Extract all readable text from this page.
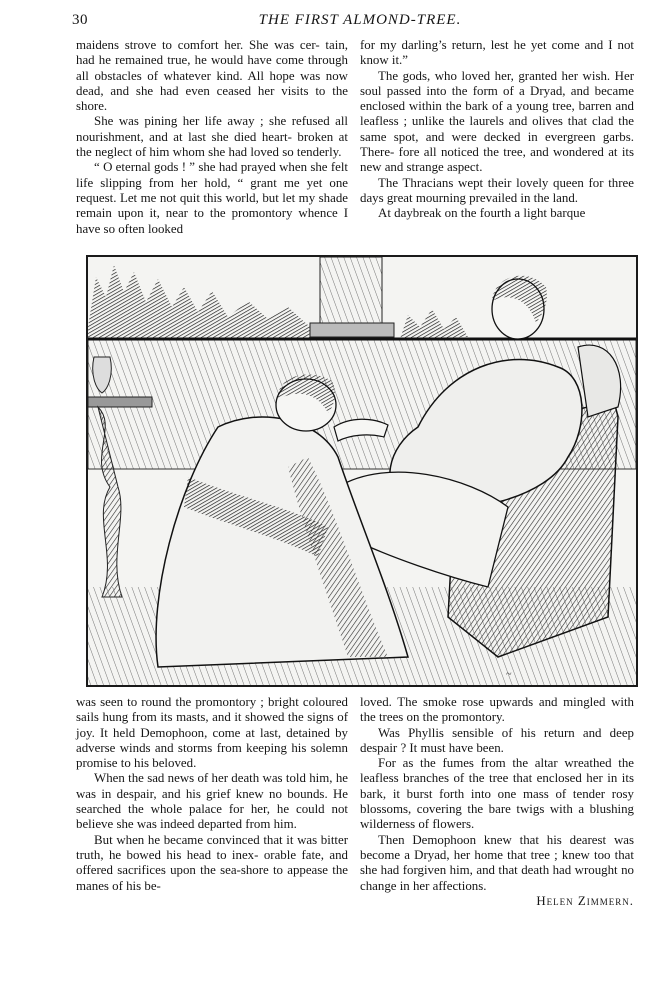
30	THE FIRST ALMOND-TREE.

maidens strove to comfort her. She was cer- tain, had he remained true, he would have come through all obstacles of whatever kind. All hope was now dead, and she had even ceased her visits to the shore.

She was pining her life away ; she refused all nourishment, and at last she died heart- broken at the neglect of him whom she had loved so tenderly.

“ O eternal gods ! ” she had prayed when she felt life slipping from her hold, “ grant me yet one request. Let me not quit this world, but let my shade remain upon it, near to the promontory whence I have so often looked

for my darling’s return, lest he yet come and I not know it.”

The gods, who loved her, granted her wish. Her soul passed into the form of a Dryad, and became enclosed within the bark of a young tree, barren and leafless ; unlike the laurels and olives that clad the same spot, and were decked in evergreen garbs. There- fore all noticed the tree, and wondered at its new and strange aspect.

The Thracians wept their lovely queen for three days great mourning prevailed in the land.

At daybreak on the fourth a light barque

~

was seen to round the promontory ; bright coloured sails hung from its masts, and it showed the signs of joy. It held Demophoon, come at last, detained by adverse winds and storms from keeping his solemn promise to his beloved.

When the sad news of her death was told him, he was in despair, and his grief knew no bounds. He searched the whole palace for her, he could not believe she was indeed departed from him.

But when he became convinced that it was bitter truth, he bowed his head to inex- orable fate, and offered sacrifices upon the sea-shore to appease the manes of his be-

loved. The smoke rose upwards and mingled with the trees on the promontory.

Was Phyllis sensible of his return and deep despair ? It must have been.

For as the fumes from the altar wreathed the leafless branches of the tree that enclosed her in its bark, it burst forth into one mass of tender rosy blossoms, covering the bare twigs with a blushing wilderness of flowers.

Then Demophoon knew that his dearest was become a Dryad, her home that tree ; knew too that she had forgiven him, and that death had wrought no change in her affections.

Helen Zimmern.
